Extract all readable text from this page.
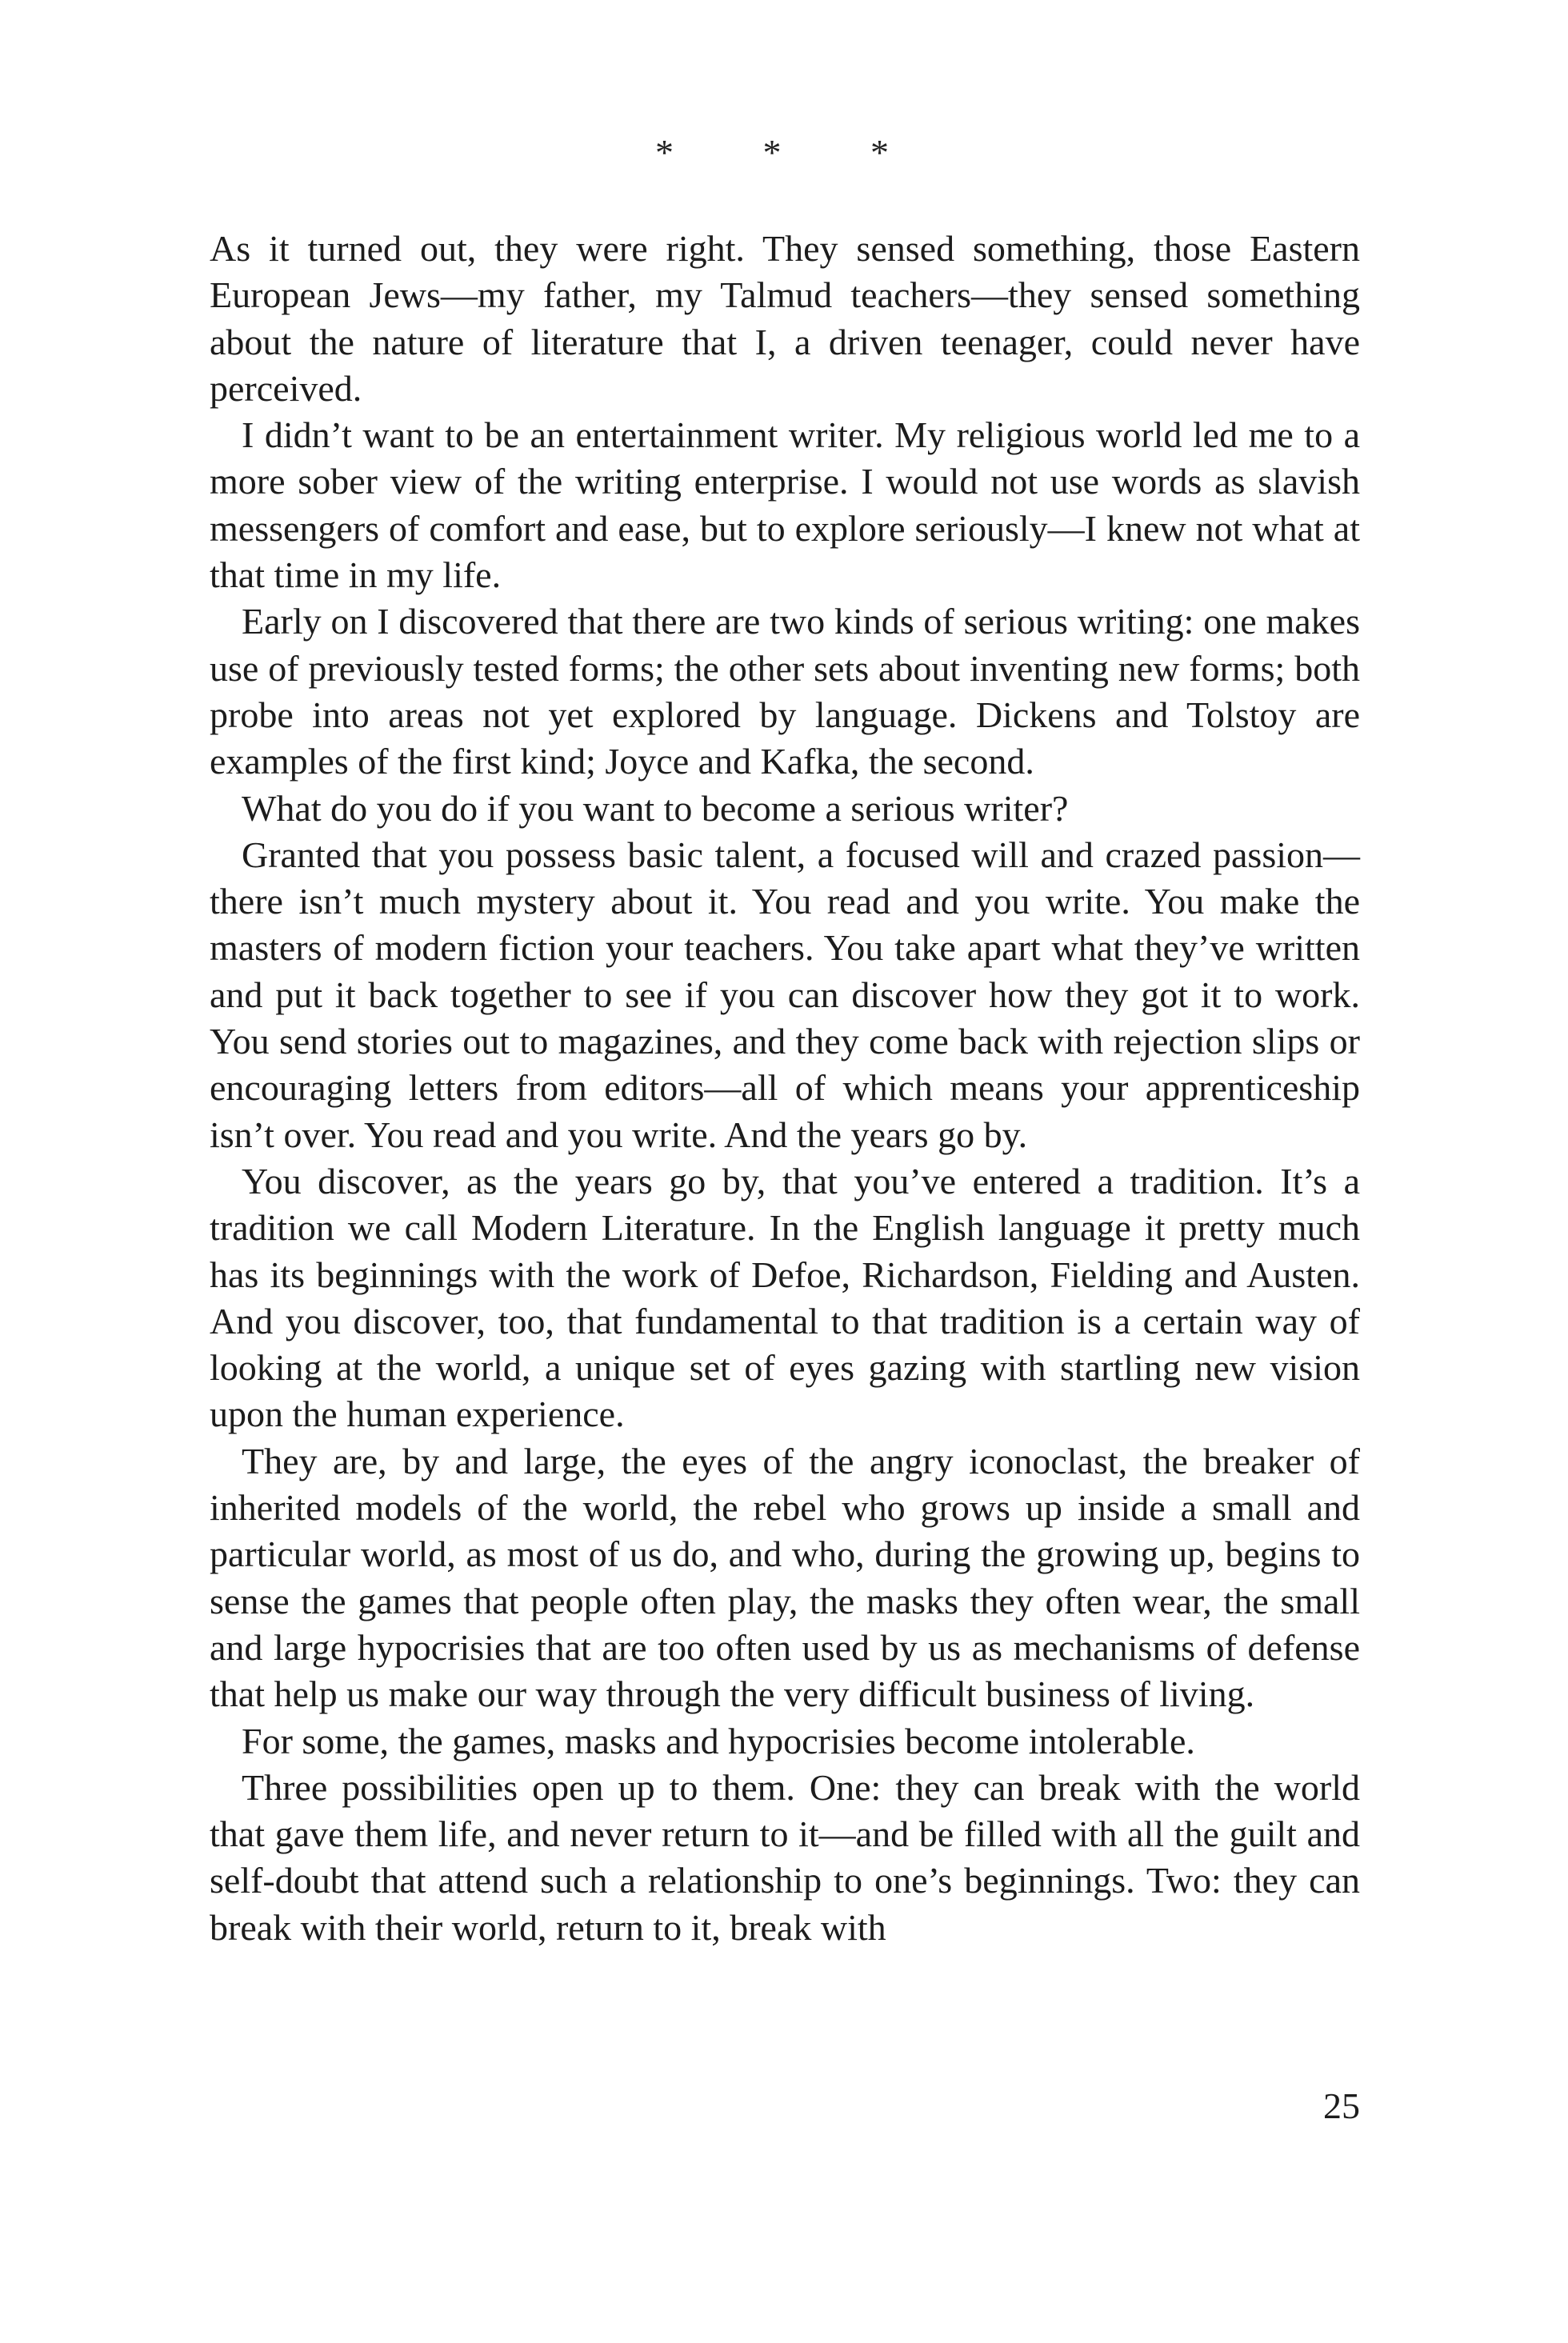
* * *

As it turned out, they were right. They sensed something, those Eastern European Jews—my father, my Talmud teachers—they sensed something about the nature of literature that I, a driven teenager, could never have perceived.

I didn’t want to be an entertainment writer. My religious world led me to a more sober view of the writing enterprise. I would not use words as slavish messengers of comfort and ease, but to explore seriously—I knew not what at that time in my life.

Early on I discovered that there are two kinds of serious writing: one makes use of previously tested forms; the other sets about inventing new forms; both probe into areas not yet explored by language. Dickens and Tolstoy are examples of the first kind; Joyce and Kafka, the second.

What do you do if you want to become a serious writer?

Granted that you possess basic talent, a focused will and crazed passion—there isn’t much mystery about it. You read and you write. You make the masters of modern fiction your teachers. You take apart what they’ve written and put it back together to see if you can discover how they got it to work. You send stories out to magazines, and they come back with rejection slips or encouraging letters from editors—all of which means your apprenticeship isn’t over. You read and you write. And the years go by.

You discover, as the years go by, that you’ve entered a tradition. It’s a tradition we call Modern Literature. In the English language it pretty much has its beginnings with the work of Defoe, Richardson, Fielding and Austen. And you discover, too, that fundamental to that tradition is a certain way of looking at the world, a unique set of eyes gazing with startling new vision upon the human experience.

They are, by and large, the eyes of the angry iconoclast, the breaker of inherited models of the world, the rebel who grows up inside a small and particular world, as most of us do, and who, during the growing up, begins to sense the games that people often play, the masks they often wear, the small and large hypocrisies that are too often used by us as mechanisms of defense that help us make our way through the very difficult business of living.

For some, the games, masks and hypocrisies become intolerable.

Three possibilities open up to them. One: they can break with the world that gave them life, and never return to it—and be filled with all the guilt and self-doubt that attend such a relationship to one’s beginnings. Two: they can break with their world, return to it, break with

25
